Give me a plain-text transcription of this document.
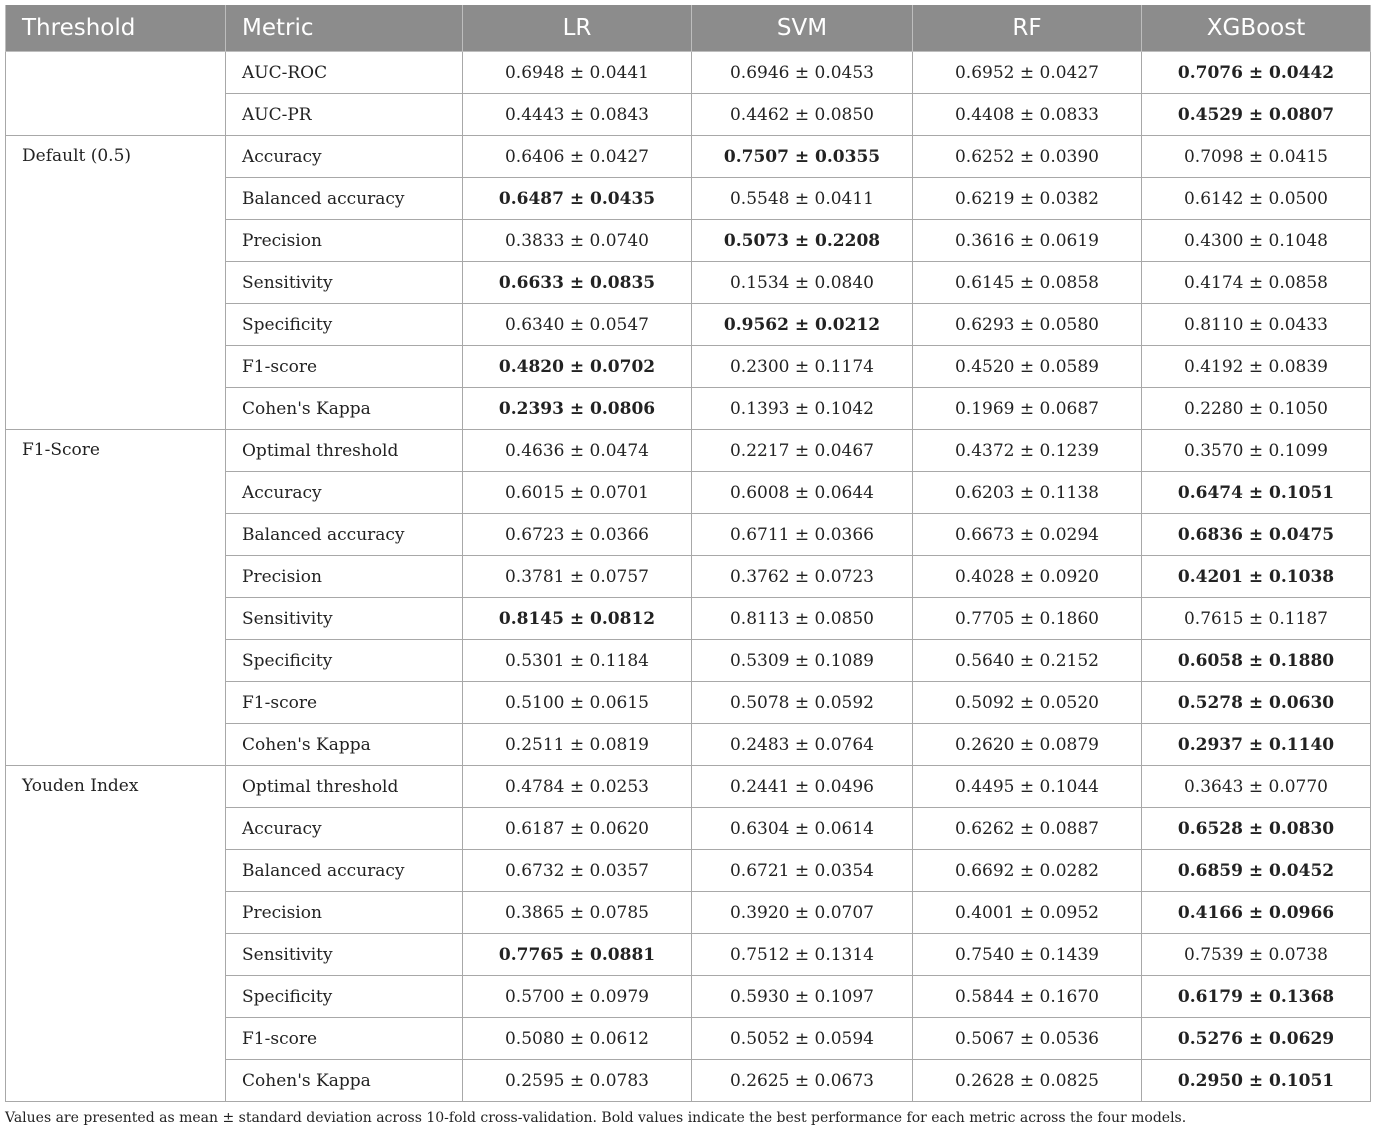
Threshold	Metric	LR	SVM	RF	XGBoost
	AUC-ROC	0.6948 ± 0.0441	0.6946 ± 0.0453	0.6952 ± 0.0427	0.7076 ± 0.0442
	AUC-PR	0.4443 ± 0.0843	0.4462 ± 0.0850	0.4408 ± 0.0833	0.4529 ± 0.0807
Default (0.5)	Accuracy	0.6406 ± 0.0427	0.7507 ± 0.0355	0.6252 ± 0.0390	0.7098 ± 0.0415
	Balanced accuracy	0.6487 ± 0.0435	0.5548 ± 0.0411	0.6219 ± 0.0382	0.6142 ± 0.0500
	Precision	0.3833 ± 0.0740	0.5073 ± 0.2208	0.3616 ± 0.0619	0.4300 ± 0.1048
	Sensitivity	0.6633 ± 0.0835	0.1534 ± 0.0840	0.6145 ± 0.0858	0.4174 ± 0.0858
	Specificity	0.6340 ± 0.0547	0.9562 ± 0.0212	0.6293 ± 0.0580	0.8110 ± 0.0433
	F1-score	0.4820 ± 0.0702	0.2300 ± 0.1174	0.4520 ± 0.0589	0.4192 ± 0.0839
	Cohen's Kappa	0.2393 ± 0.0806	0.1393 ± 0.1042	0.1969 ± 0.0687	0.2280 ± 0.1050
F1-Score	Optimal threshold	0.4636 ± 0.0474	0.2217 ± 0.0467	0.4372 ± 0.1239	0.3570 ± 0.1099
	Accuracy	0.6015 ± 0.0701	0.6008 ± 0.0644	0.6203 ± 0.1138	0.6474 ± 0.1051
	Balanced accuracy	0.6723 ± 0.0366	0.6711 ± 0.0366	0.6673 ± 0.0294	0.6836 ± 0.0475
	Precision	0.3781 ± 0.0757	0.3762 ± 0.0723	0.4028 ± 0.0920	0.4201 ± 0.1038
	Sensitivity	0.8145 ± 0.0812	0.8113 ± 0.0850	0.7705 ± 0.1860	0.7615 ± 0.1187
	Specificity	0.5301 ± 0.1184	0.5309 ± 0.1089	0.5640 ± 0.2152	0.6058 ± 0.1880
	F1-score	0.5100 ± 0.0615	0.5078 ± 0.0592	0.5092 ± 0.0520	0.5278 ± 0.0630
	Cohen's Kappa	0.2511 ± 0.0819	0.2483 ± 0.0764	0.2620 ± 0.0879	0.2937 ± 0.1140
Youden Index	Optimal threshold	0.4784 ± 0.0253	0.2441 ± 0.0496	0.4495 ± 0.1044	0.3643 ± 0.0770
	Accuracy	0.6187 ± 0.0620	0.6304 ± 0.0614	0.6262 ± 0.0887	0.6528 ± 0.0830
	Balanced accuracy	0.6732 ± 0.0357	0.6721 ± 0.0354	0.6692 ± 0.0282	0.6859 ± 0.0452
	Precision	0.3865 ± 0.0785	0.3920 ± 0.0707	0.4001 ± 0.0952	0.4166 ± 0.0966
	Sensitivity	0.7765 ± 0.0881	0.7512 ± 0.1314	0.7540 ± 0.1439	0.7539 ± 0.0738
	Specificity	0.5700 ± 0.0979	0.5930 ± 0.1097	0.5844 ± 0.1670	0.6179 ± 0.1368
	F1-score	0.5080 ± 0.0612	0.5052 ± 0.0594	0.5067 ± 0.0536	0.5276 ± 0.0629
	Cohen's Kappa	0.2595 ± 0.0783	0.2625 ± 0.0673	0.2628 ± 0.0825	0.2950 ± 0.1051
Values are presented as mean ± standard deviation across 10-fold cross-validation. Bold values indicate the best performance for each metric across the four models.
